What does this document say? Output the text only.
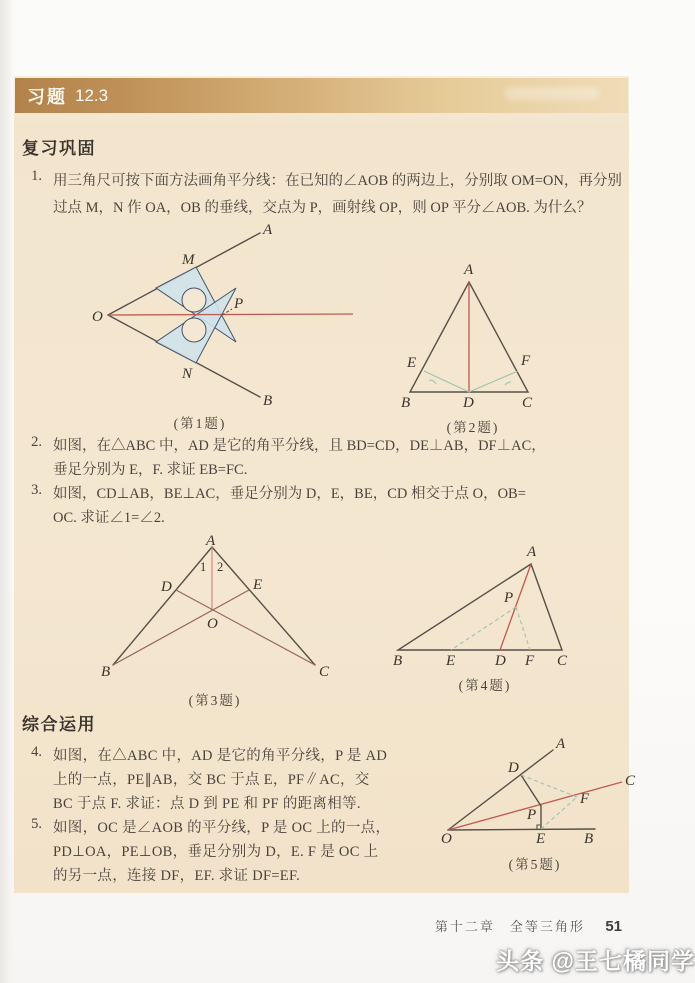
习题 12.3
复习巩固
1. 用三角尺可按下面方法画角平分线：在已知的∠AOB 的两边上，分别取 OM=ON，再分别
过点 M，N 作 OA，OB 的垂线，交点为 P，画射线 OP，则 OP 平分∠AOB. 为什么？
O
A
B
M
N
P
(第1题)
A
B	C
D
E	F
(第2题)
2. 如图，在△ABC 中，AD 是它的角平分线，且 BD=CD，DE⊥AB，DF⊥AC，
垂足分别为 E，F. 求证 EB=FC.
3. 如图，CD⊥AB，BE⊥AC，垂足分别为 D，E，BE，CD 相交于点 O，OB=
OC. 求证∠1=∠2.
A
1 2
D	E
O
B	C
(第3题)
A
P
B	E	D F C
(第4题)
综合运用
4. 如图，在△ABC 中，AD 是它的角平分线，P 是 AD
上的一点，PE∥AB，交 BC 于点 E，PF∥AC，交
BC 于点 F. 求证：点 D 到 PE 和 PF 的距离相等.
5. 如图，OC 是∠AOB 的平分线，P 是 OC 上的一点，
PD⊥OA，PE⊥OB，垂足分别为 D，E. F 是 OC 上
的另一点，连接 DF，EF. 求证 DF=EF.
A
D
C
F
P
E	B
O
(第5题)
第十二章　全等三角形 51
头条 @王七橘同学
